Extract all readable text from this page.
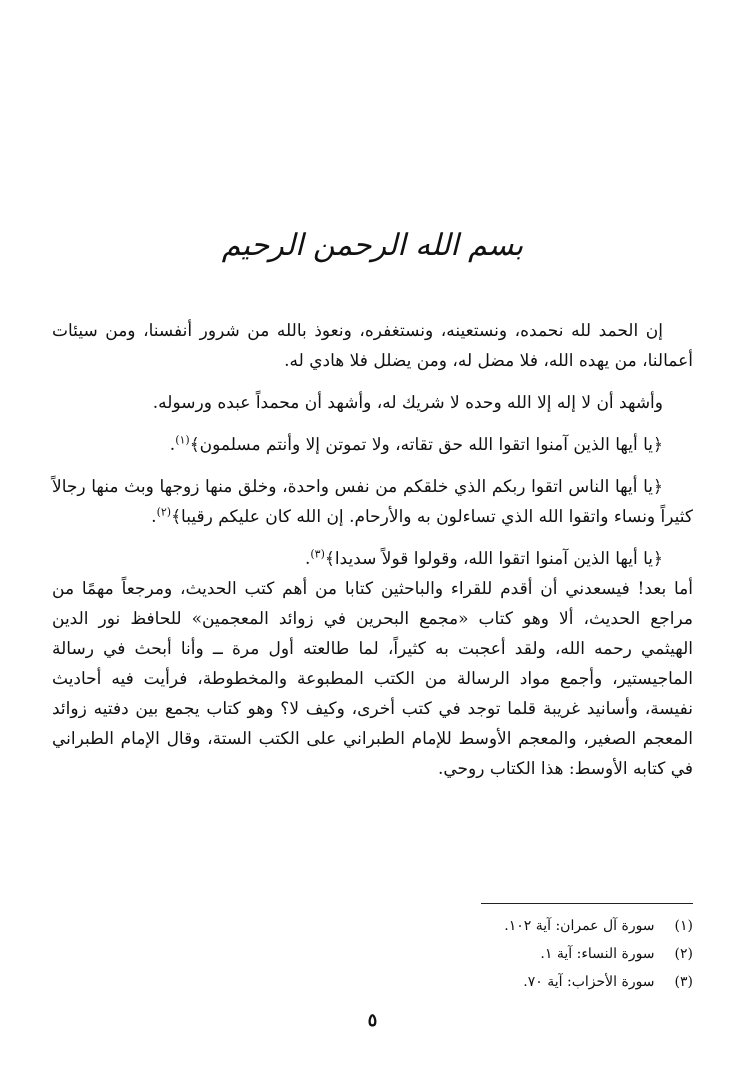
بسم الله الرحمن الرحيم

إن الحمد لله نحمده، ونستعينه، ونستغفره، ونعوذ بالله من شرور أنفسنا، ومن سيئات أعمالنا، من يهده الله، فلا مضل له، ومن يضلل فلا هادي له.

وأشهد أن لا إله إلا الله وحده لا شريك له، وأشهد أن محمداً عبده ورسوله.

﴿يا أيها الذين آمنوا اتقوا الله حق تقاته، ولا تموتن إلا وأنتم مسلمون﴾$^{(١)}$.

﴿يا أيها الناس اتقوا ربكم الذي خلقكم من نفس واحدة، وخلق منها زوجها وبث منها رجالاً كثيراً ونساء واتقوا الله الذي تساءلون به والأرحام. إن الله كان عليكم رقيبا﴾$^{(٢)}$.

﴿يا أيها الذين آمنوا اتقوا الله، وقولوا قولاً سديدا﴾$^{(٣)}$.

أما بعد! فيسعدني أن أقدم للقراء والباحثين كتابا من أهم كتب الحديث، ومرجعاً مهمًا من مراجع الحديث، ألا وهو كتاب «مجمع البحرين في زوائد المعجمين» للحافظ نور الدين الهيثمي رحمه الله، ولقد أعجبت به كثيراً، لما طالعته أول مرة ــ وأنا أبحث في رسالة الماجيستير، وأجمع مواد الرسالة من الكتب المطبوعة والمخطوطة، فرأيت فيه أحاديث نفيسة، وأسانيد غريبة قلما توجد في كتب أخرى، وكيف لا؟ وهو كتاب يجمع بين دفتيه زوائد المعجم الصغير، والمعجم الأوسط للإمام الطبراني على الكتب الستة، وقال الإمام الطبراني في كتابه الأوسط: هذا الكتاب روحي.

(١) سورة آل عمران: آية ١٠٢.
(٢) سورة النساء: آية ١.
(٣) سورة الأحزاب: آية ٧٠.
٥
